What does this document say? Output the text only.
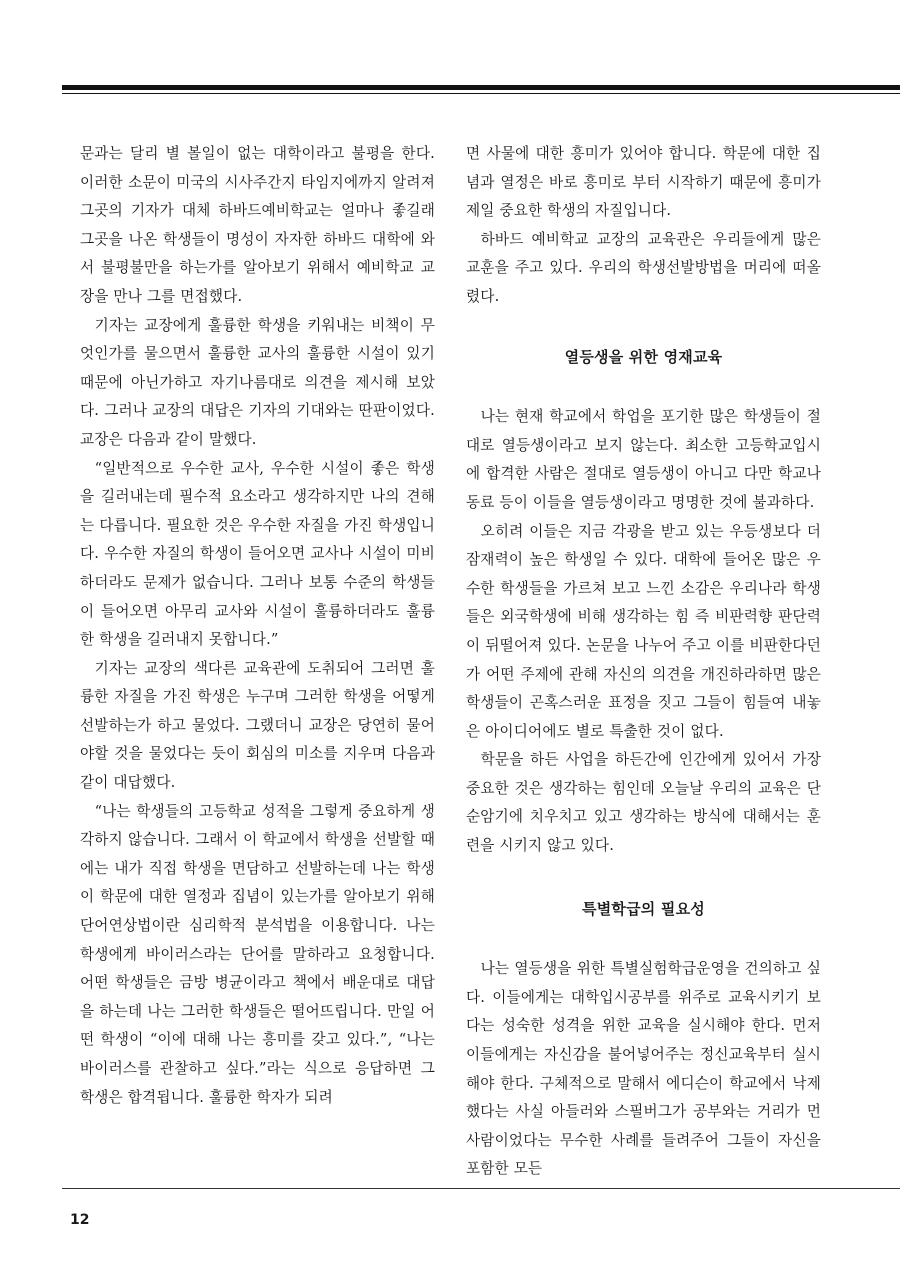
문과는 달리 별 볼일이 없는 대학이라고 불평을 한다. 이러한 소문이 미국의 시사주간지 타임지에까지 알려져 그곳의 기자가 대체 하바드예비학교는 얼마나 좋길래 그곳을 나온 학생들이 명성이 자자한 하바드 대학에 와서 불평불만을 하는가를 알아보기 위해서 예비학교 교장을 만나 그를 면접했다.

기자는 교장에게 훌륭한 학생을 키워내는 비책이 무엇인가를 물으면서 훌륭한 교사의 훌륭한 시설이 있기 때문에 아닌가하고 자기나름대로 의견을 제시해 보았다. 그러나 교장의 대답은 기자의 기대와는 딴판이었다. 교장은 다음과 같이 말했다.

“일반적으로 우수한 교사, 우수한 시설이 좋은 학생을 길러내는데 필수적 요소라고 생각하지만 나의 견해는 다릅니다. 필요한 것은 우수한 자질을 가진 학생입니다. 우수한 자질의 학생이 들어오면 교사나 시설이 미비하더라도 문제가 없습니다. 그러나 보통 수준의 학생들이 들어오면 아무리 교사와 시설이 훌륭하더라도 훌륭한 학생을 길러내지 못합니다.”

기자는 교장의 색다른 교육관에 도취되어 그러면 훌륭한 자질을 가진 학생은 누구며 그러한 학생을 어떻게 선발하는가 하고 물었다. 그랬더니 교장은 당연히 물어야할 것을 물었다는 듯이 회심의 미소를 지우며 다음과 같이 대답했다.

“나는 학생들의 고등학교 성적을 그렇게 중요하게 생각하지 않습니다. 그래서 이 학교에서 학생을 선발할 때에는 내가 직접 학생을 면담하고 선발하는데 나는 학생이 학문에 대한 열정과 집념이 있는가를 알아보기 위해 단어연상법이란 심리학적 분석법을 이용합니다. 나는 학생에게 바이러스라는 단어를 말하라고 요청합니다. 어떤 학생들은 금방 병균이라고 책에서 배운대로 대답을 하는데 나는 그러한 학생들은 떨어뜨립니다. 만일 어떤 학생이 “이에 대해 나는 흥미를 갖고 있다.”, “나는 바이러스를 관찰하고 싶다.”라는 식으로 응답하면 그 학생은 합격됩니다. 훌륭한 학자가 되려

면 사물에 대한 흥미가 있어야 합니다. 학문에 대한 집념과 열정은 바로 흥미로 부터 시작하기 때문에 흥미가 제일 중요한 학생의 자질입니다.

하바드 예비학교 교장의 교육관은 우리들에게 많은 교훈을 주고 있다. 우리의 학생선발방법을 머리에 떠올렸다.

열등생을 위한 영재교육

나는 현재 학교에서 학업을 포기한 많은 학생들이 절대로 열등생이라고 보지 않는다. 최소한 고등학교입시에 합격한 사람은 절대로 열등생이 아니고 다만 학교나 동료 등이 이들을 열등생이라고 명명한 것에 불과하다.

오히려 이들은 지금 각광을 받고 있는 우등생보다 더 잠재력이 높은 학생일 수 있다. 대학에 들어온 많은 우수한 학생들을 가르쳐 보고 느낀 소감은 우리나라 학생들은 외국학생에 비해 생각하는 힘 즉 비판력향 판단력이 뒤떨어져 있다. 논문을 나누어 주고 이를 비판한다던가 어떤 주제에 관해 자신의 의견을 개진하라하면 많은 학생들이 곤혹스러운 표정을 짓고 그들이 힘들여 내놓은 아이디어에도 별로 특출한 것이 없다.

학문을 하든 사업을 하든간에 인간에게 있어서 가장 중요한 것은 생각하는 힘인데 오늘날 우리의 교육은 단순암기에 치우치고 있고 생각하는 방식에 대해서는 훈련을 시키지 않고 있다.

특별학급의 필요성

나는 열등생을 위한 특별실험학급운영을 건의하고 싶다. 이들에게는 대학입시공부를 위주로 교육시키기 보다는 성숙한 성격을 위한 교육을 실시해야 한다. 먼저 이들에게는 자신감을 불어넣어주는 정신교육부터 실시해야 한다. 구체적으로 말해서 에디슨이 학교에서 낙제했다는 사실 아들러와 스필버그가 공부와는 거리가 먼 사람이었다는 무수한 사례를 들려주어 그들이 자신을 포함한 모든

12
